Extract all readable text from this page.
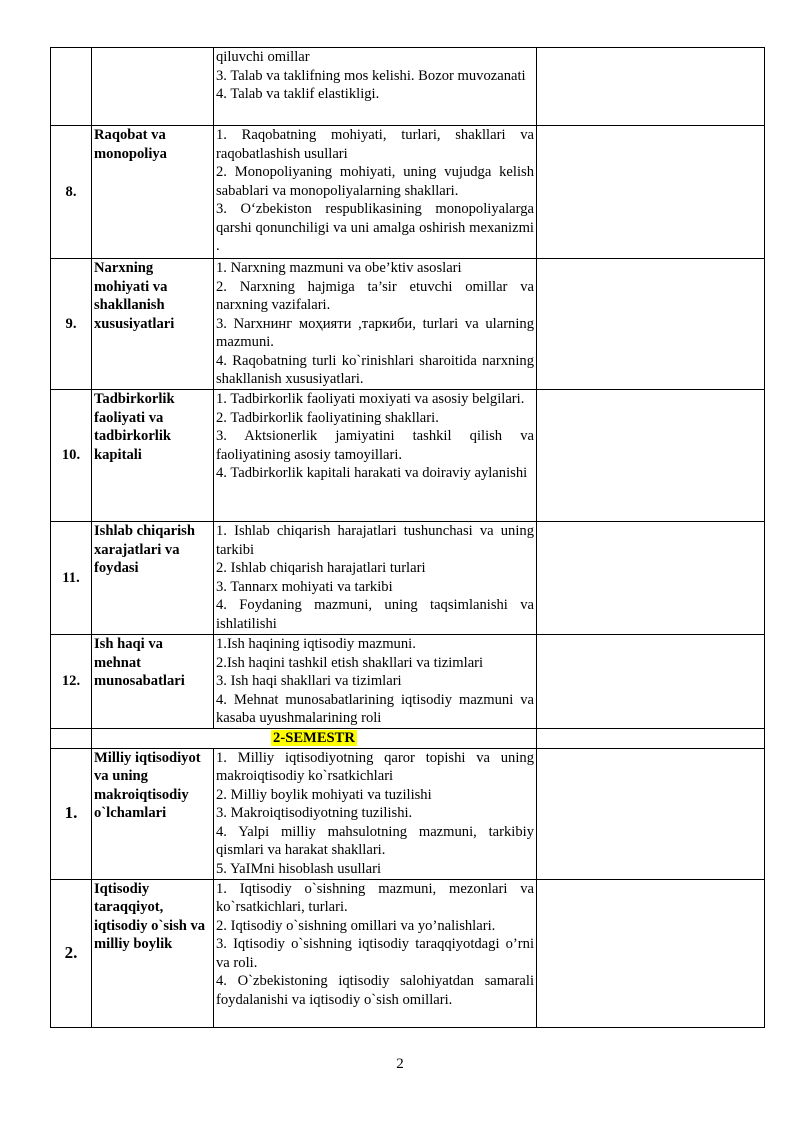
		qiluvchi omillar
3. Talab va taklifning mos kelishi. Bozor muvozanati
4. Talab va taklif elastikligi.	

8.	Raqobat va monopoliya	1. Raqobatning mohiyati, turlari, shakllari va raqobatlashish usullari
2. Monopoliyaning mohiyati, uning vujudga kelish sabablari va monopoliyalarning shakllari.
3. O‘zbekiston respublikasining monopoliyalarga qarshi qonunchiligi va uni amalga oshirish mexanizmi .	

9.	Narxning mohiyati va shakllanish xususiyatlari	1. Narxning mazmuni va obe’ktiv asoslari
2. Narxning hajmiga ta’sir etuvchi omillar va narxning vazifalari.
3. Narxнинг моҳияти ,таркиби, turlari va ularning mazmuni.
4. Raqobatning turli ko`rinishlari sharoitida narxning shakllanish xususiyatlari.	

10.	Tadbirkorlik faoliyati va tadbirkorlik kapitali	1. Tadbirkorlik faoliyati moxiyati va asosiy belgilari.
2. Tadbirkorlik faoliyatining shakllari.
3. Aktsionerlik jamiyatini tashkil qilish va faoliyatining asosiy tamoyillari.
4. Tadbirkorlik kapitali harakati va doiraviy aylanishi	

11.	Ishlab chiqarish xarajatlari va foydasi	1. Ishlab chiqarish harajatlari tushunchasi va uning tarkibi
2. Ishlab chiqarish harajatlari turlari
3. Tannarx mohiyati va tarkibi
4. Foydaning mazmuni, uning taqsimlanishi va ishlatilishi	

12.	Ish haqi va mehnat munosabatlari	1.Ish haqining iqtisodiy mazmuni.
2.Ish haqini tashkil etish shakllari va tizimlari
3. Ish haqi shakllari va tizimlari
4. Mehnat munosabatlarining iqtisodiy mazmuni va kasaba uyushmalarining roli	

	2-SEMESTR		
1.	Milliy iqtisodiyot va uning makroiqtisodiy o`lchamlari	1. Milliy iqtisodiyotning qaror topishi va uning makroiqtisodiy ko`rsatkichlari
2. Milliy boylik mohiyati va tuzilishi
3. Makroiqtisodiyotning tuzilishi.
4. Yalpi milliy mahsulotning mazmuni, tarkibiy qismlari va harakat shakllari.
5. YaIMni hisoblash usullari	

2.	Iqtisodiy taraqqiyot, iqtisodiy o`sish va milliy boylik	1. Iqtisodiy o`sishning mazmuni, mezonlari va ko`rsatkichlari, turlari.
2. Iqtisodiy o`sishning omillari va yo’nalishlari.
3. Iqtisodiy o`sishning iqtisodiy taraqqiyotdagi o’rni va roli.
4. O`zbekistoning iqtisodiy salohiyatdan samarali foydalanishi va iqtisodiy o`sish omillari.	

2
